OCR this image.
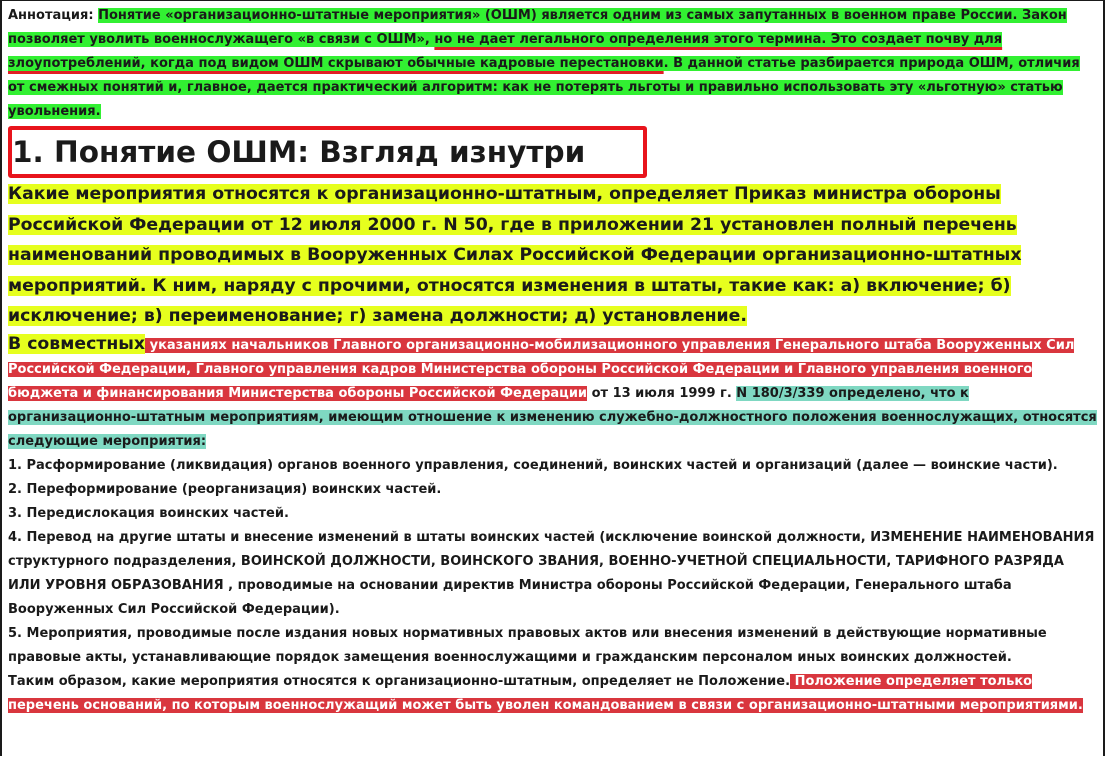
Аннотация: Понятие «организационно-штатные мероприятия» (ОШМ) является одним из самых запутанных в военном праве России. Закон позволяет уволить военнослужащего «в связи с ОШМ», но не дает легального определения этого термина. Это создает почву для злоупотреблений, когда под видом ОШМ скрывают обычные кадровые перестановки. В данной статье разбирается природа ОШМ, отличия от смежных понятий и, главное, дается практический алгоритм: как не потерять льготы и правильно использовать эту «льготную» статью увольнения.

1. Понятие ОШМ: Взгляд изнутри

Какие мероприятия относятся к организационно-штатным, определяет Приказ министра обороны Российской Федерации от 12 июля 2000 г. N 50, где в приложении 21 установлен полный перечень наименований проводимых в Вооруженных Силах Российской Федерации организационно-штатных мероприятий. К ним, наряду с прочими, относятся изменения в штаты, такие как: а) включение; б) исключение; в) переименование; г) замена должности; д) установление.

В совместных указаниях начальников Главного организационно-мобилизационного управления Генерального штаба Вооруженных Сил Российской Федерации, Главного управления кадров Министерства обороны Российской Федерации и Главного управления военного бюджета и финансирования Министерства обороны Российской Федерации от 13 июля 1999 г. N 180/3/339 определено, что к организационно-штатным мероприятиям, имеющим отношение к изменению служебно-должностного положения военнослужащих, относятся следующие мероприятия:

1. Расформирование (ликвидация) органов военного управления, соединений, воинских частей и организаций (далее — воинские части).

2. Переформирование (реорганизация) воинских частей.

3. Передислокация воинских частей.

4. Перевод на другие штаты и внесение изменений в штаты воинских частей (исключение воинской должности, ИЗМЕНЕНИЕ НАИМЕНОВАНИЯ структурного подразделения, ВОИНСКОЙ ДОЛЖНОСТИ, ВОИНСКОГО ЗВАНИЯ, ВОЕННО-УЧЕТНОЙ СПЕЦИАЛЬНОСТИ, ТАРИФНОГО РАЗРЯДА ИЛИ УРОВНЯ ОБРАЗОВАНИЯ , проводимые на основании директив Министра обороны Российской Федерации, Генерального штаба Вооруженных Сил Российской Федерации).

5. Мероприятия, проводимые после издания новых нормативных правовых актов или внесения изменений в действующие нормативные правовые акты, устанавливающие порядок замещения военнослужащими и гражданским персоналом иных воинских должностей.

Таким образом, какие мероприятия относятся к организационно-штатным, определяет не Положение. Положение определяет только перечень оснований, по которым военнослужащий может быть уволен командованием в связи с организационно-штатными мероприятиями.
